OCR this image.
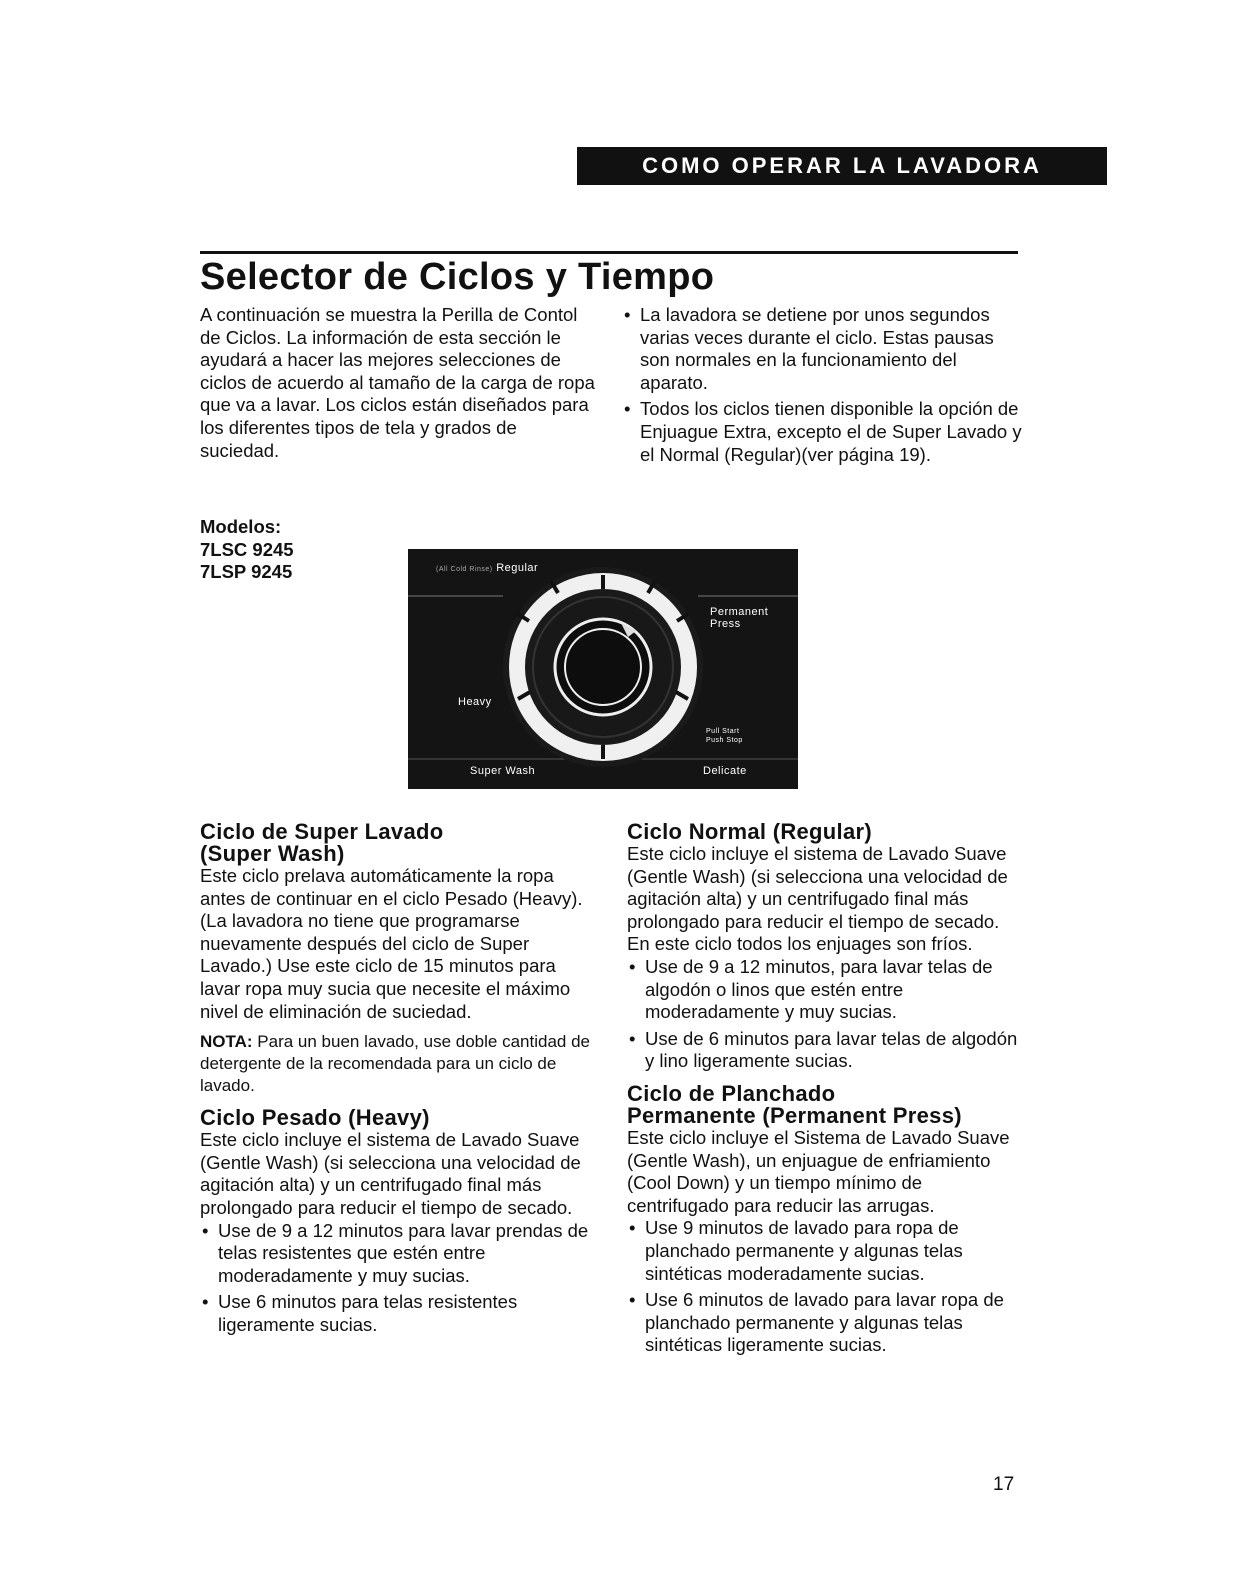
COMO OPERAR LA LAVADORA
Selector de Ciclos y Tiempo
A continuación se muestra la Perilla de Contol de Ciclos. La información de esta sección le ayudará a hacer las mejores selecciones de ciclos de acuerdo al tamaño de la carga de ropa que va a lavar. Los ciclos están diseñados para los diferentes tipos de tela y grados de suciedad.
• La lavadora se detiene por unos segundos varias veces durante el ciclo. Estas pausas son normales en la funcionamiento del aparato.
• Todos los ciclos tienen disponible la opción de Enjuague Extra, excepto el de Super Lavado y el Normal (Regular)(ver página 19).
Modelos:
7LSC 9245
7LSP 9245	(All Cold Rinse) Regular
Permanent
Press
Heavy
Pull Start
Push Stop
Super Wash	Delicate
Ciclo de Super Lavado
(Super Wash)

Este ciclo prelava automáticamente la ropa antes de continuar en el ciclo Pesado (Heavy). (La lavadora no tiene que programarse nuevamente después del ciclo de Super Lavado.) Use este ciclo de 15 minutos para lavar ropa muy sucia que necesite el máximo nivel de eliminación de suciedad.

NOTA: Para un buen lavado, use doble cantidad de detergente de la recomendada para un ciclo de lavado.

Ciclo Pesado (Heavy)

Este ciclo incluye el sistema de Lavado Suave (Gentle Wash) (si selecciona una velocidad de agitación alta) y un centrifugado final más prolongado para reducir el tiempo de secado.

• Use de 9 a 12 minutos para lavar prendas de telas resistentes que estén entre moderadamente y muy sucias.
• Use 6 minutos para telas resistentes ligeramente sucias.
Ciclo Normal (Regular)

Este ciclo incluye el sistema de Lavado Suave (Gentle Wash) (si selecciona una velocidad de agitación alta) y un centrifugado final más prolongado para reducir el tiempo de secado. En este ciclo todos los enjuages son fríos.

• Use de 9 a 12 minutos, para lavar telas de algodón o linos que estén entre moderadamente y muy sucias.
• Use de 6 minutos para lavar telas de algodón y lino ligeramente sucias.
Ciclo de Planchado
Permanente (Permanent Press)

Este ciclo incluye el Sistema de Lavado Suave (Gentle Wash), un enjuague de enfriamiento (Cool Down) y un tiempo mínimo de centrifugado para reducir las arrugas.

• Use 9 minutos de lavado para ropa de planchado permanente y algunas telas sintéticas moderadamente sucias.
• Use 6 minutos de lavado para lavar ropa de planchado permanente y algunas telas sintéticas ligeramente sucias.
17
